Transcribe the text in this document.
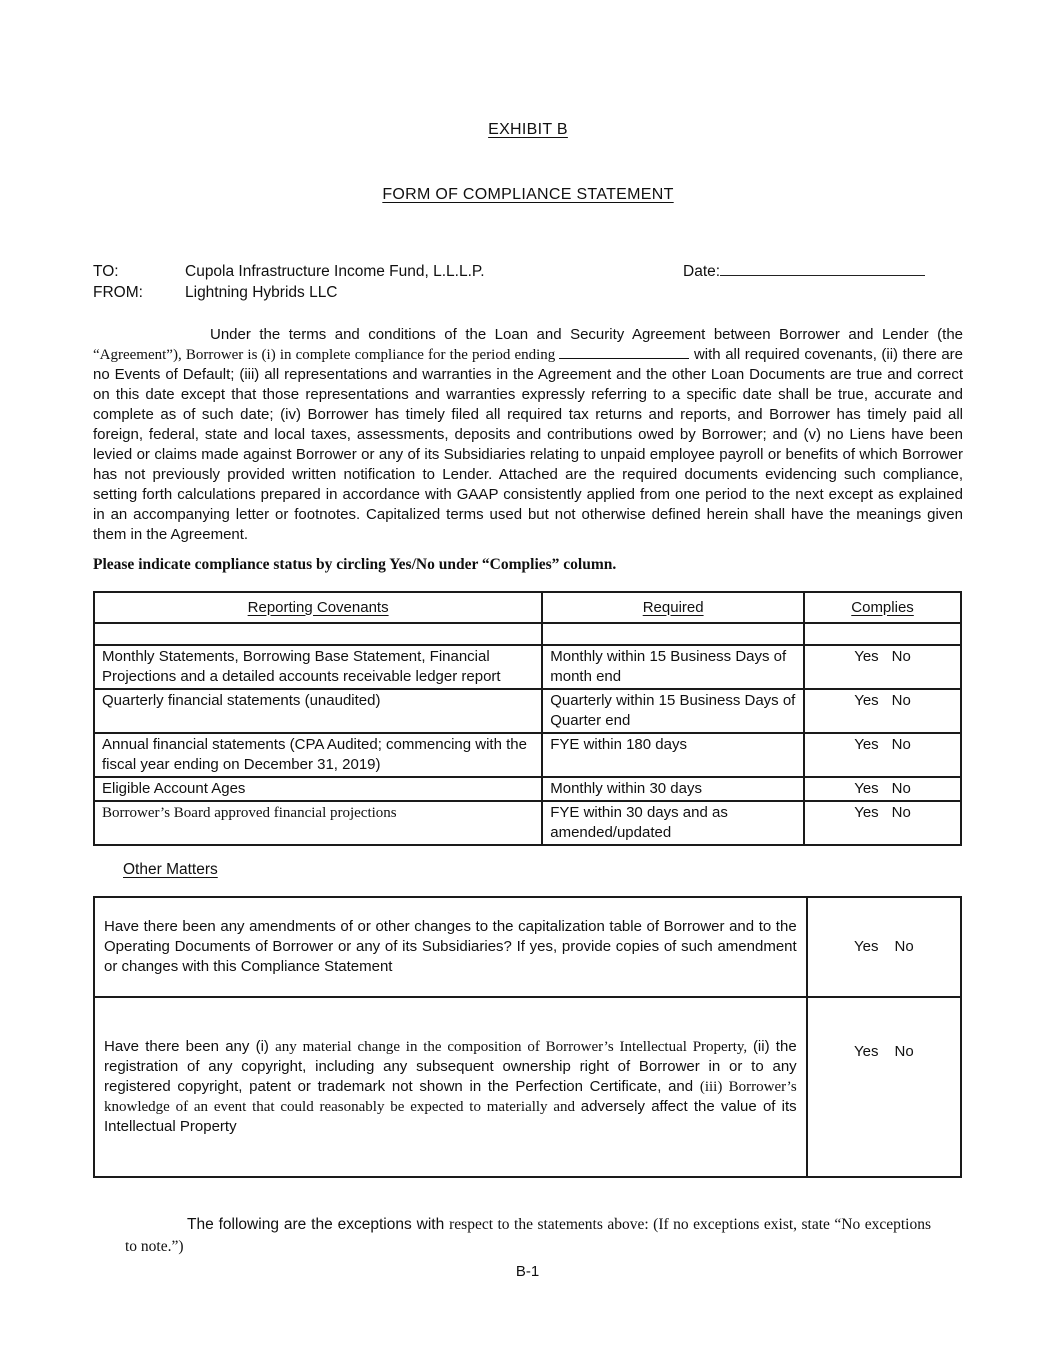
EXHIBIT B
FORM OF COMPLIANCE STATEMENT
TO:	Cupola Infrastructure Income Fund, L.L.L.P.	Date:
FROM:	Lightning Hybrids LLC

Under the terms and conditions of the Loan and Security Agreement between Borrower and Lender (the “Agreement”), Borrower is (i) in complete compliance for the period ending	with all required covenants, (ii) there are no Events of Default; (iii) all representations and warranties in the Agreement and the other Loan Documents are true and correct on this date except that those representations and warranties expressly referring to a specific date shall be true, accurate and complete as of such date; (iv) Borrower has timely filed all required tax returns and reports, and Borrower has timely paid all foreign, federal, state and local taxes, assessments, deposits and contributions owed by Borrower; and (v) no Liens have been levied or claims made against Borrower or any of its Subsidiaries relating to unpaid employee payroll or benefits of which Borrower has not previously provided written notification to Lender. Attached are the required documents evidencing such compliance, setting forth calculations prepared in accordance with GAAP consistently applied from one period to the next except as explained in an accompanying letter or footnotes. Capitalized terms used but not otherwise defined herein shall have the meanings given them in the Agreement.

Please indicate compliance status by circling Yes/No under “Complies” column.

Reporting Covenants	Required	Complies

Monthly Statements, Borrowing Base Statement, Financial Projections and a detailed accounts receivable ledger report	Monthly within 15 Business Days of month end	Yes No

Quarterly financial statements (unaudited)	Quarterly within 15 Business Days of Quarter end	Yes No

Annual financial statements (CPA Audited; commencing with the fiscal year ending on December 31, 2019)	FYE within 180 days	Yes No

Eligible Account Ages	Monthly within 30 days	Yes No

Borrower’s Board approved financial projections	FYE within 30 days and as amended/updated	Yes No
Other Matters
Have there been any amendments of or other changes to the capitalization table of Borrower and to the Operating Documents of Borrower or any of its Subsidiaries? If yes, provide copies of such amendment or changes with this Compliance Statement	Yes No

Have there been any (i) any material change in the composition of Borrower’s Intellectual Property, (ii) the registration of any copyright, including any subsequent ownership right of Borrower in or to any registered copyright, patent or trademark not shown in the Perfection Certificate, and (iii) Borrower’s knowledge of an event that could reasonably be expected to materially and adversely affect the value of its Intellectual Property	Yes No

The following are the exceptions with respect to the statements above: (If no exceptions exist, state “No exceptions to note.”)

B-1
